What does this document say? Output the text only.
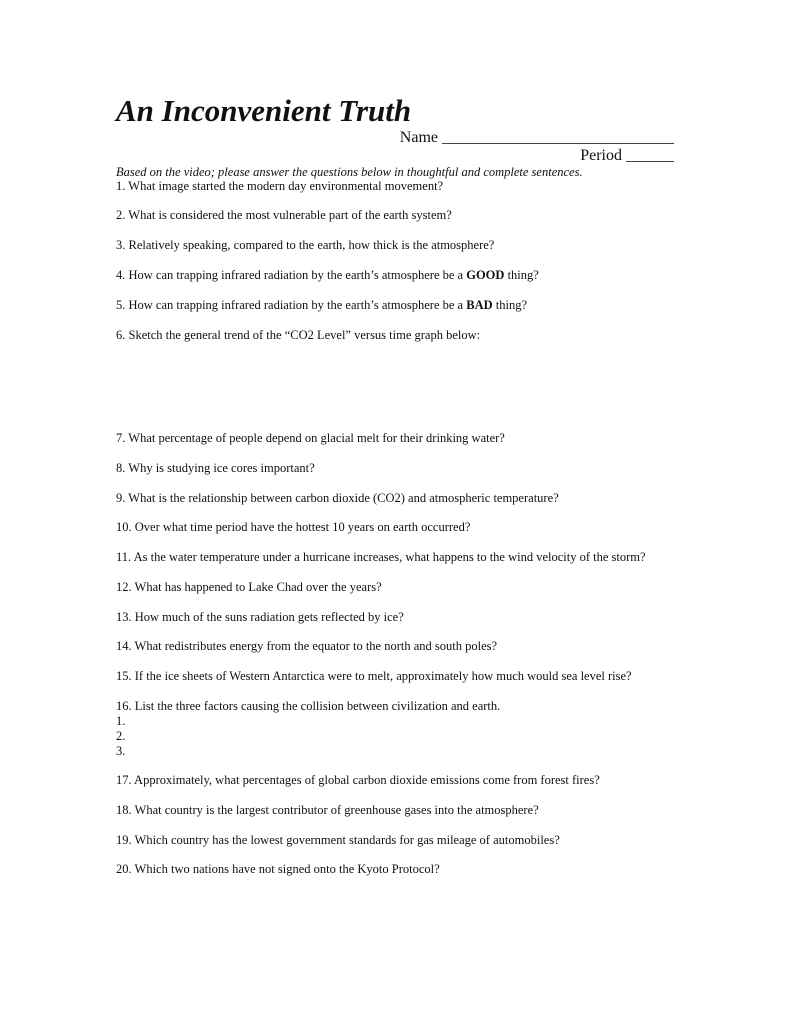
An Inconvenient Truth
Name _____________________________
Period ______
Based on the video; please answer the questions below in thoughtful and complete sentences.
1. What image started the modern day environmental movement?
2. What is considered the most vulnerable part of the earth system?
3. Relatively speaking, compared to the earth, how thick is the atmosphere?
4. How can trapping infrared radiation by the earth’s atmosphere be a GOOD thing?
5. How can trapping infrared radiation by the earth’s atmosphere be a BAD thing?
6. Sketch the general trend of the “CO2 Level” versus time graph below:
7. What percentage of people depend on glacial melt for their drinking water?
8. Why is studying ice cores important?
9. What is the relationship between carbon dioxide (CO2) and atmospheric temperature?
10. Over what time period have the hottest 10 years on earth occurred?
11. As the water temperature under a hurricane increases, what happens to the wind velocity of the storm?
12. What has happened to Lake Chad over the years?
13. How much of the suns radiation gets reflected by ice?
14. What redistributes energy from the equator to the north and south poles?
15. If the ice sheets of Western Antarctica were to melt, approximately how much would sea level rise?
16. List the three factors causing the collision between civilization and earth.
1.
2.
3.
17. Approximately, what percentages of global carbon dioxide emissions come from forest fires?
18. What country is the largest contributor of greenhouse gases into the atmosphere?
19. Which country has the lowest government standards for gas mileage of automobiles?
20. Which two nations have not signed onto the Kyoto Protocol?
